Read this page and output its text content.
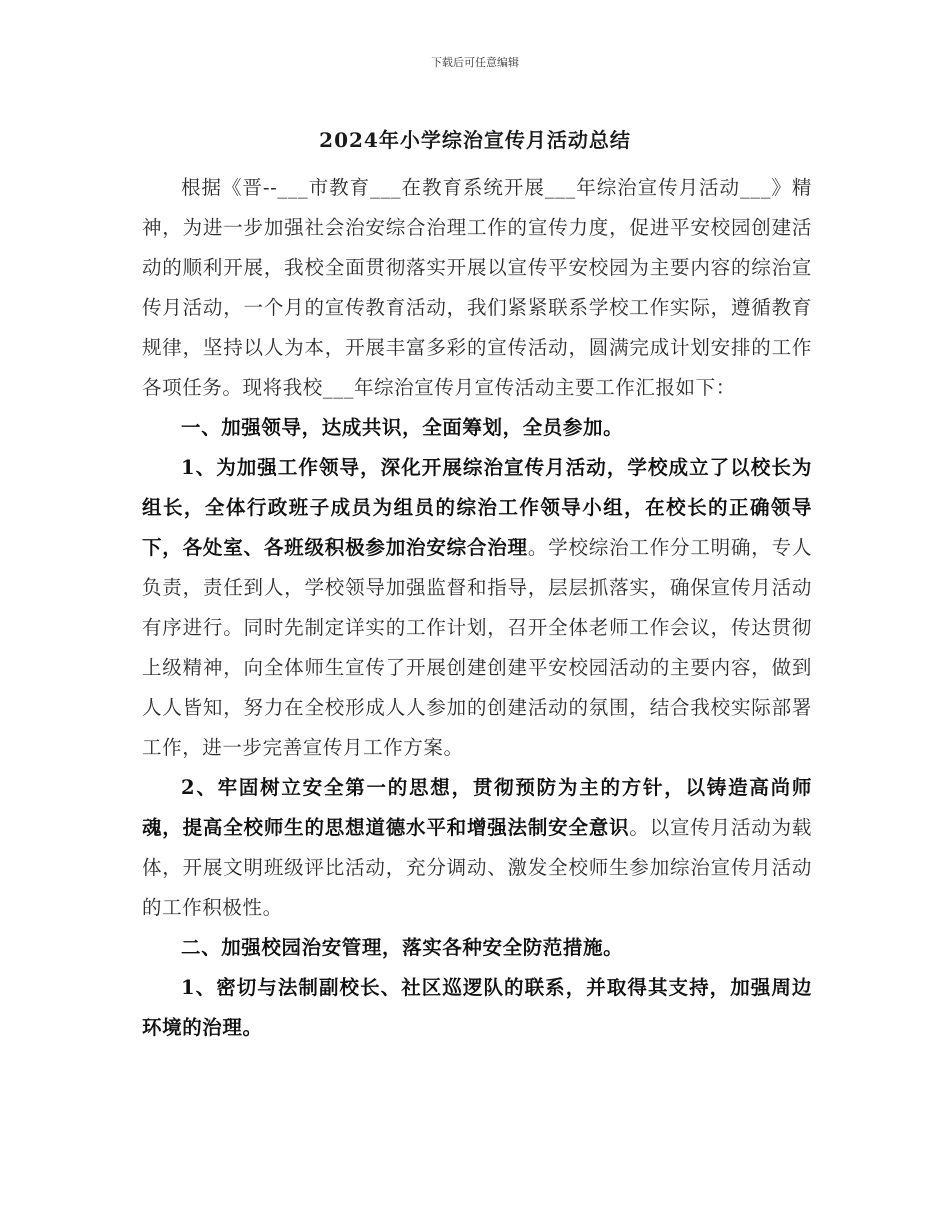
下载后可任意编辑
2024年小学综治宣传月活动总结

根据《晋--___市教育___在教育系统开展___年综治宣传月活动___》精神，为进一步加强社会治安综合治理工作的宣传力度，促进平安校园创建活动的顺利开展，我校全面贯彻落实开展以宣传平安校园为主要内容的综治宣传月活动，一个月的宣传教育活动，我们紧紧联系学校工作实际，遵循教育规律，坚持以人为本，开展丰富多彩的宣传活动，圆满完成计划安排的工作各项任务。现将我校___年综治宣传月宣传活动主要工作汇报如下：

一、加强领导，达成共识，全面筹划，全员参加。

1、为加强工作领导，深化开展综治宣传月活动，学校成立了以校长为组长，全体行政班子成员为组员的综治工作领导小组，在校长的正确领导下，各处室、各班级积极参加治安综合治理。学校综治工作分工明确，专人负责，责任到人，学校领导加强监督和指导，层层抓落实，确保宣传月活动有序进行。同时先制定详实的工作计划，召开全体老师工作会议，传达贯彻上级精神，向全体师生宣传了开展创建创建平安校园活动的主要内容，做到人人皆知，努力在全校形成人人参加的创建活动的氛围，结合我校实际部署工作，进一步完善宣传月工作方案。

2、牢固树立安全第一的思想，贯彻预防为主的方针，以铸造高尚师魂，提高全校师生的思想道德水平和增强法制安全意识。以宣传月活动为载体，开展文明班级评比活动，充分调动、激发全校师生参加综治宣传月活动的工作积极性。

二、加强校园治安管理，落实各种安全防范措施。

1、密切与法制副校长、社区巡逻队的联系，并取得其支持，加强周边环境的治理。
